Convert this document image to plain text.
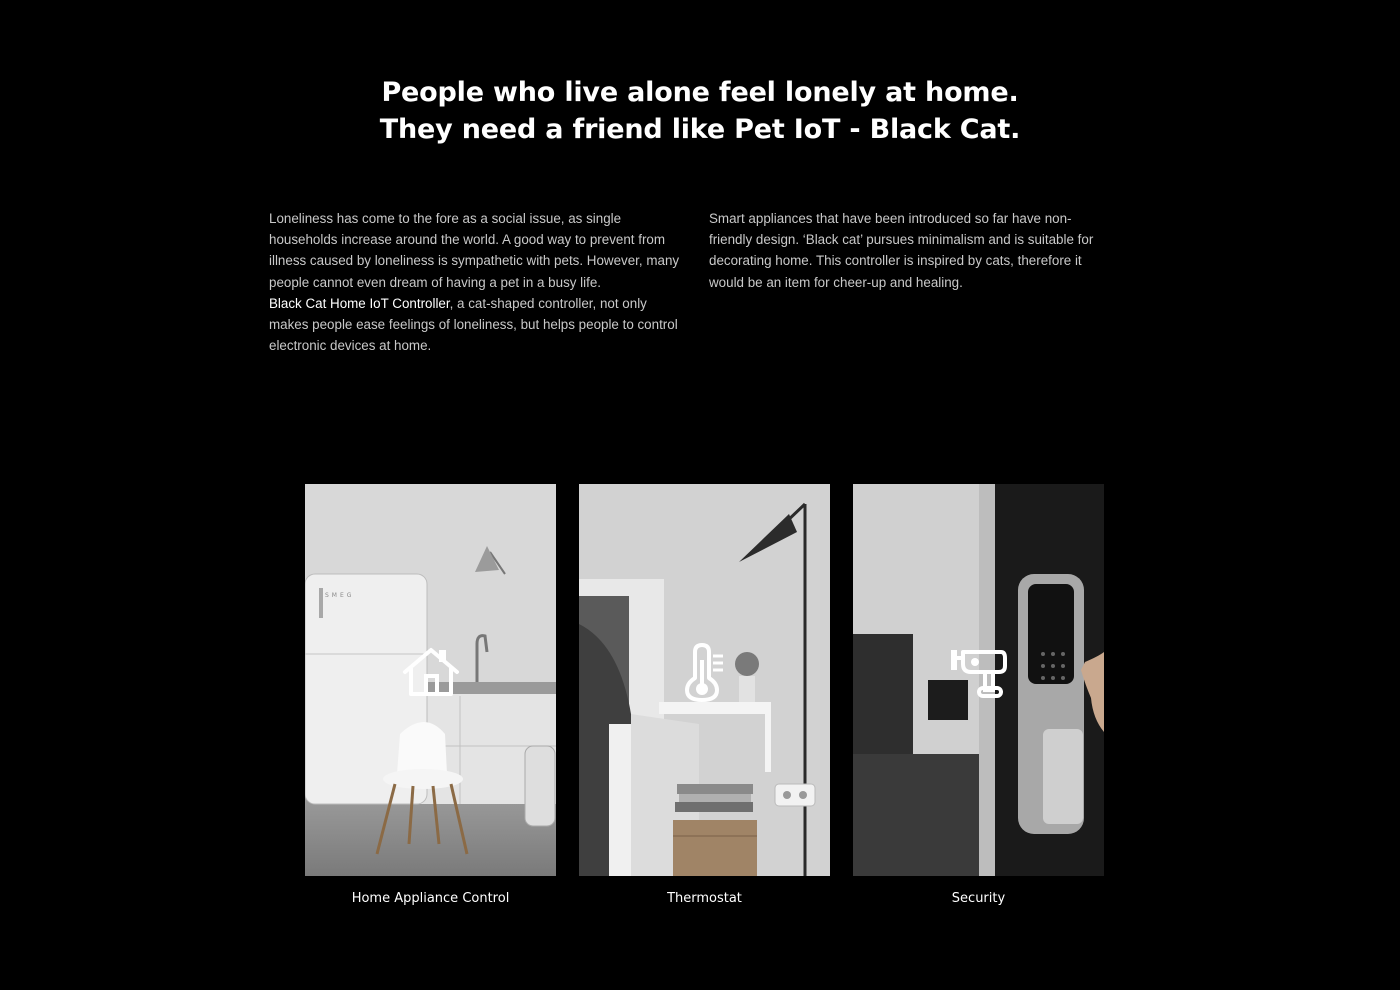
People who live alone feel lonely at home.
They need a friend like Pet IoT - Black Cat.
Loneliness has come to the fore as a social issue, as single households increase around the world. A good way to prevent from illness caused by loneliness is sympathetic with pets. However, many people cannot even dream of having a pet in a busy life.
Black Cat Home IoT Controller, a cat-shaped controller, not only makes people ease feelings of loneliness, but helps people to control electronic devices at home.
Smart appliances that have been introduced so far have non-friendly design. ‘Black cat’ pursues minimalism and is suitable for decorating home. This controller is inspired by cats, therefore it would be an item for cheer-up and healing.
SMEG
Home Appliance Control	Thermostat	Security
